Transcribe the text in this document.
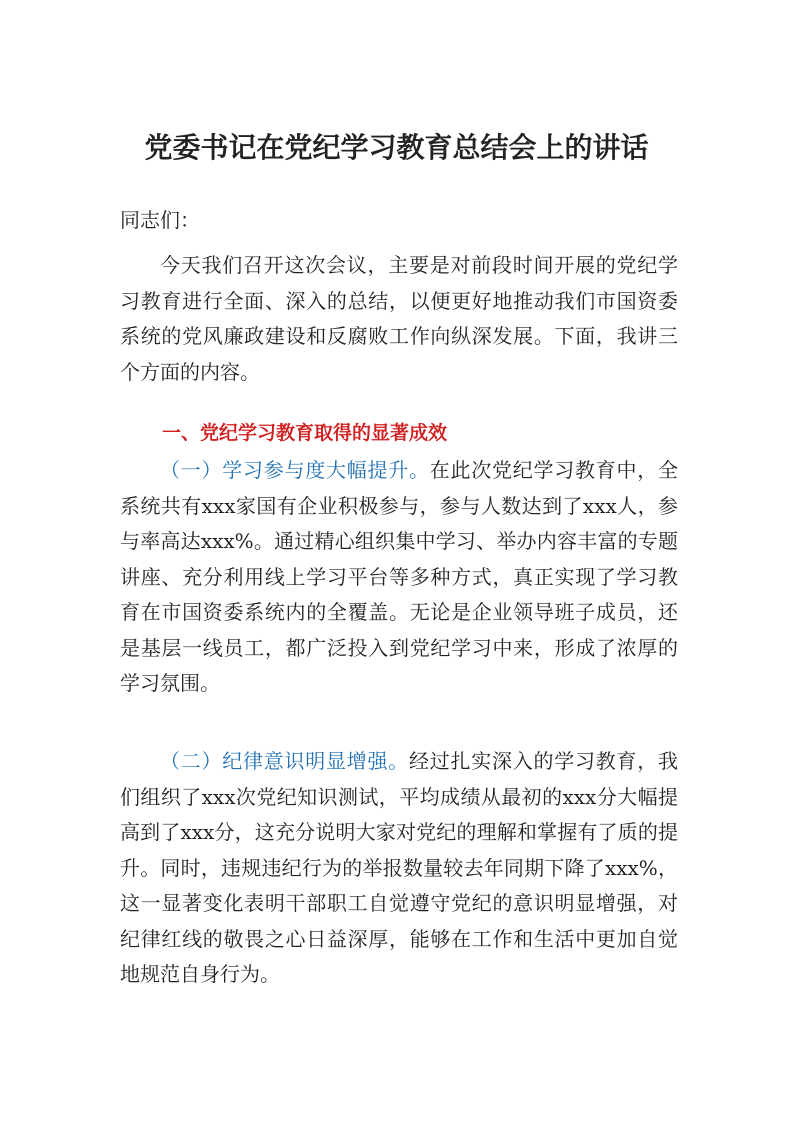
党委书记在党纪学习教育总结会上的讲话

同志们：

今天我们召开这次会议，主要是对前段时间开展的党纪学习教育进行全面、深入的总结，以便更好地推动我们市国资委系统的党风廉政建设和反腐败工作向纵深发展。下面，我讲三个方面的内容。

一、党纪学习教育取得的显著成效

（一）学习参与度大幅提升。在此次党纪学习教育中，全系统共有xxx家国有企业积极参与，参与人数达到了xxx人，参与率高达xxx%。通过精心组织集中学习、举办内容丰富的专题讲座、充分利用线上学习平台等多种方式，真正实现了学习教育在市国资委系统内的全覆盖。无论是企业领导班子成员，还是基层一线员工，都广泛投入到党纪学习中来，形成了浓厚的学习氛围。

（二）纪律意识明显增强。经过扎实深入的学习教育，我们组织了xxx次党纪知识测试，平均成绩从最初的xxx分大幅提高到了xxx分，这充分说明大家对党纪的理解和掌握有了质的提升。同时，违规违纪行为的举报数量较去年同期下降了xxx%，这一显著变化表明干部职工自觉遵守党纪的意识明显增强，对纪律红线的敬畏之心日益深厚，能够在工作和生活中更加自觉地规范自身行为。
